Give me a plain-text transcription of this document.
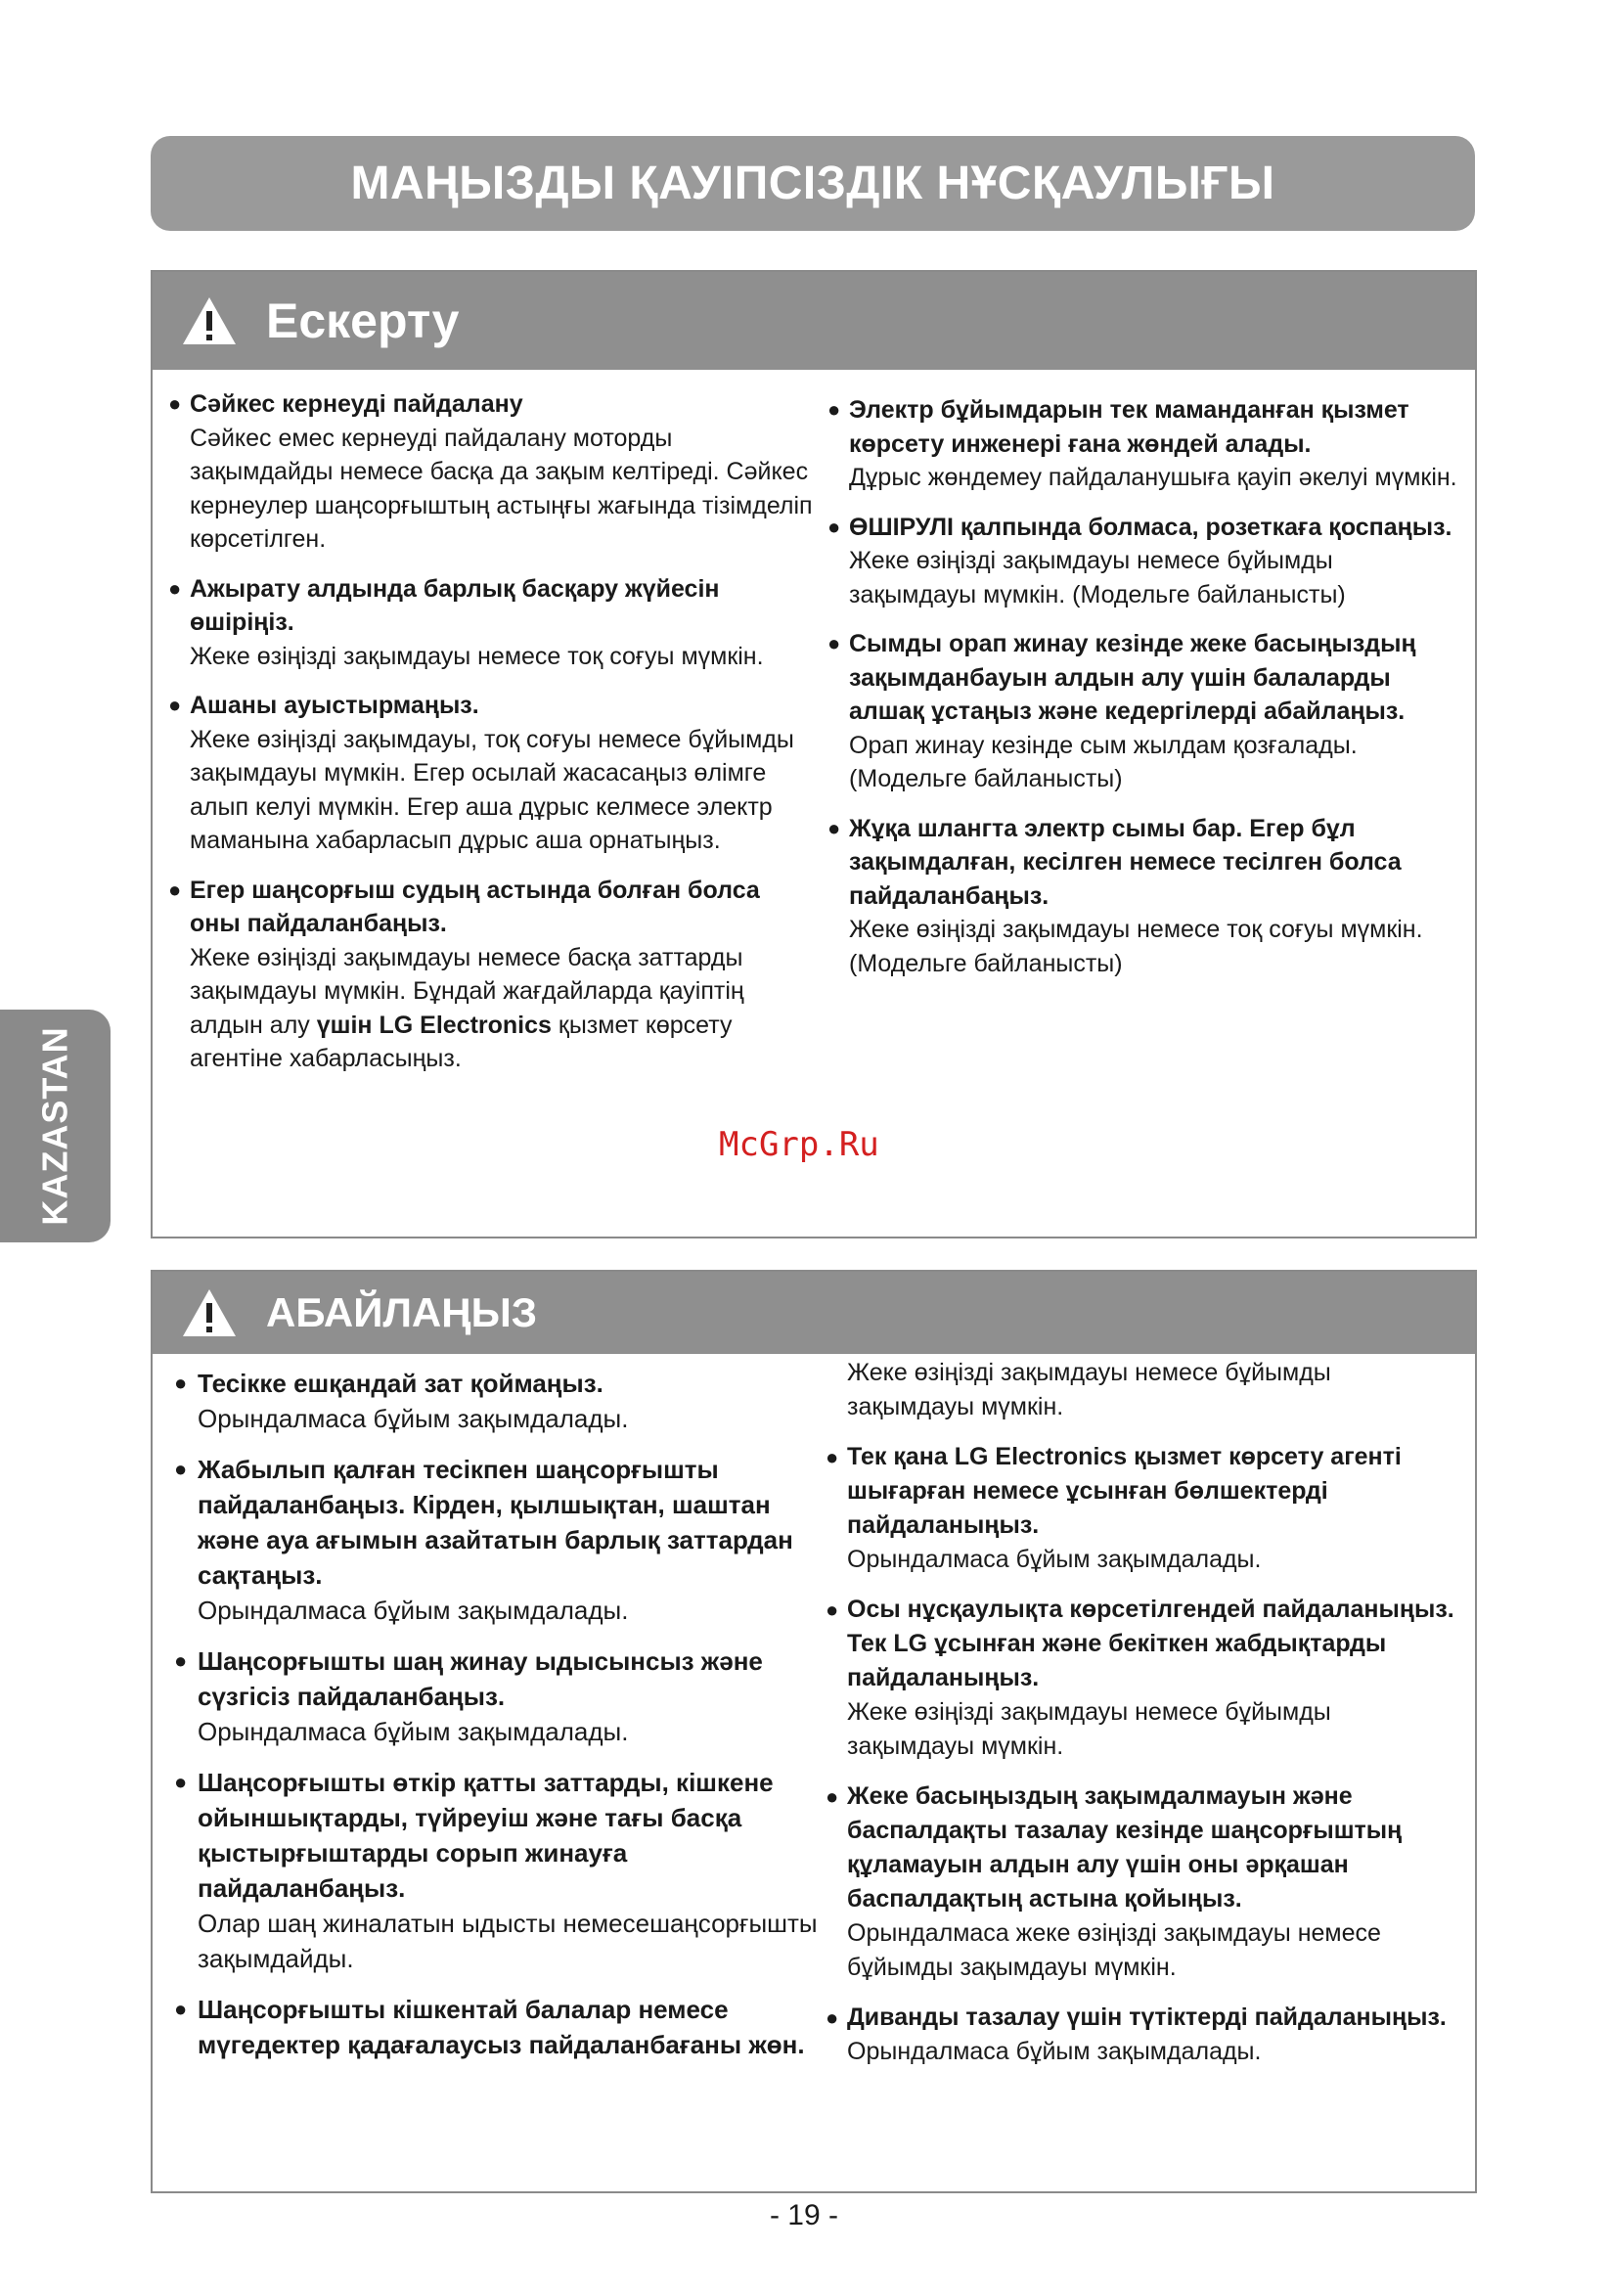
МАҢЫЗДЫ ҚАУІПСІЗДІК НҰСҚАУЛЫҒЫ
Ескерту
● Сәйкес кернеуді пайдалану
Сәйкес емес кернеуді пайдалану моторды зақымдайды немесе басқа да зақым келтіреді. Сәйкес кернеулер шаңсорғыштың астыңғы жағында тізімделіп көрсетілген.
● Ажырату алдында барлық басқару жүйесін өшіріңіз.
Жеке өзіңізді зақымдауы немесе тоқ соғуы мүмкін.
● Ашаны ауыстырмаңыз.
Жеке өзіңізді зақымдауы, тоқ соғуы немесе бұйымды зақымдауы мүмкін. Егер осылай жасасаңыз өлімге алып келуі мүмкін. Егер аша дұрыс келмесе электр маманына хабарласып дұрыс аша орнатыңыз.
● Егер шаңсорғыш судың астында болған болса оны пайдаланбаңыз.
Жеке өзіңізді зақымдауы немесе басқа заттарды зақымдауы мүмкін. Бұндай жағдайларда қауіптің алдын алу үшін LG Electronics қызмет көрсету агентіне хабарласыңыз.
● Электр бұйымдарын тек маманданған қызмет көрсету инженері ғана жөндей алады.
Дұрыс жөндемеу пайдаланушыға қауіп әкелуі мүмкін.
● ӨШІРУЛІ қалпында болмаса, розеткаға қоспаңыз.
Жеке өзіңізді зақымдауы немесе бұйымды зақымдауы мүмкін. (Модельге байланысты)
● Сымды орап жинау кезінде жеке басыңыздың зақымданбауын алдын алу үшін балаларды алшақ ұстаңыз және кедергілерді абайлаңыз.
Орап жинау кезінде сым жылдам қозғалады. (Модельге байланысты)
● Жұқа шлангта электр сымы бар. Егер бұл зақымдалған, кесілген немесе тесілген болса пайдаланбаңыз.
Жеке өзіңізді зақымдауы немесе тоқ соғуы мүмкін.(Модельге байланысты)
АБАЙЛАҢЫЗ
● Тесікке ешқандай зат қоймаңыз.
Орындалмаса бұйым зақымдалады.
● Жабылып қалған тесікпен шаңсорғышты пайдаланбаңыз. Кірден, қылшықтан, шаштан және ауа ағымын азайтатын барлық заттардан сақтаңыз.
Орындалмаса бұйым зақымдалады.
● Шаңсорғышты шаң жинау ыдысынсыз және сүзгісіз пайдаланбаңыз.
Орындалмаса бұйым зақымдалады.
● Шаңсорғышты өткір қатты заттарды, кішкене ойыншықтарды, түйреуіш және тағы басқа қыстырғыштарды сорып жинауға пайдаланбаңыз.
Олар шаң жиналатын ыдысты немесешаңсорғышты зақымдайды.
● Шаңсорғышты кішкентай балалар немесе мүгедектер қадағалаусыз пайдаланбағаны жөн.
Жеке өзіңізді зақымдауы немесе бұйымды зақымдауы мүмкін.
● Тек қана LG Electronics қызмет көрсету агенті шығарған немесе ұсынған бөлшектерді пайдаланыңыз.
Орындалмаса бұйым зақымдалады.
● Осы нұсқаулықта көрсетілгендей пайдаланыңыз. Тек LG ұсынған және бекіткен жабдықтарды пайдаланыңыз.
Жеке өзіңізді зақымдауы немесе бұйымды зақымдауы мүмкін.
● Жеке басыңыздың зақымдалмауын және баспалдақты тазалау кезінде шаңсорғыштың құламауын алдын алу үшін оны әрқашан баспалдақтың астына қойыңыз.
Орындалмаса жеке өзіңізді зақымдауы немесе бұйымды зақымдауы мүмкін.
● Диванды тазалау үшін түтіктерді пайдаланыңыз.
Орындалмаса бұйым зақымдалады.
KAZASTAN	McGrp.Ru
- 19 -
